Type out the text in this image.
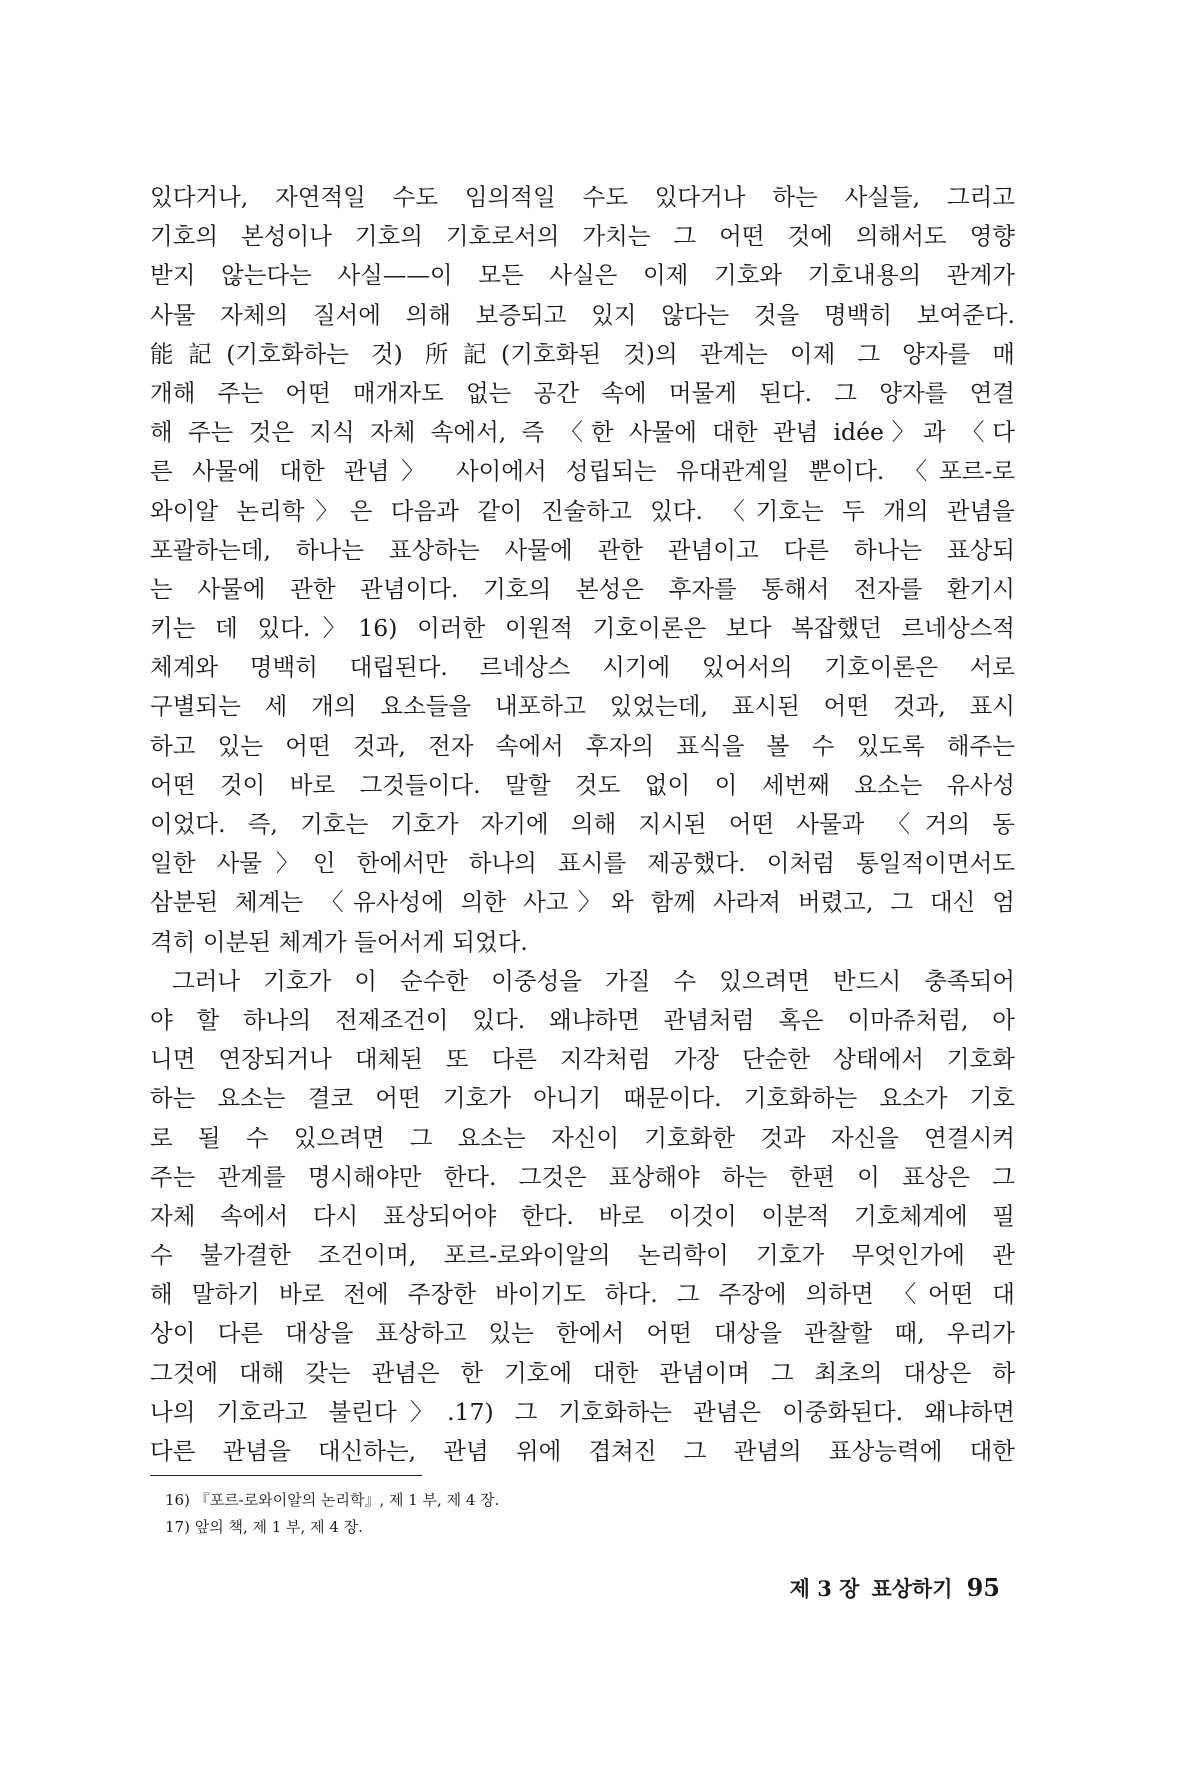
있다거나, 자연적일 수도 임의적일 수도 있다거나 하는 사실들, 그리고
기호의 본성이나 기호의 기호로서의 가치는 그 어떤 것에 의해서도 영향
받지 않는다는 사실——이 모든 사실은 이제 기호와 기호내용의 관계가
사물 자체의 질서에 의해 보증되고 있지 않다는 것을 명백히 보여준다.
能記(기호화하는 것) 所記(기호화된 것)의 관계는 이제 그 양자를 매
개해 주는 어떤 매개자도 없는 공간 속에 머물게 된다. 그 양자를 연결
해 주는 것은 지식 자체 속에서, 즉 〈한 사물에 대한 관념 idée〉과 〈다
른 사물에 대한 관념〉 사이에서 성립되는 유대관계일 뿐이다. 〈포르-로
와이알 논리학〉은 다음과 같이 진술하고 있다. 〈기호는 두 개의 관념을
포괄하는데, 하나는 표상하는 사물에 관한 관념이고 다른 하나는 표상되
는 사물에 관한 관념이다. 기호의 본성은 후자를 통해서 전자를 환기시
키는 데 있다.〉16) 이러한 이원적 기호이론은 보다 복잡했던 르네상스적
체계와 명백히 대립된다. 르네상스 시기에 있어서의 기호이론은 서로
구별되는 세 개의 요소들을 내포하고 있었는데, 표시된 어떤 것과, 표시
하고 있는 어떤 것과, 전자 속에서 후자의 표식을 볼 수 있도록 해주는
어떤 것이 바로 그것들이다. 말할 것도 없이 이 세번째 요소는 유사성
이었다. 즉, 기호는 기호가 자기에 의해 지시된 어떤 사물과 〈거의 동
일한 사물〉인 한에서만 하나의 표시를 제공했다. 이처럼 통일적이면서도
삼분된 체계는 〈유사성에 의한 사고〉와 함께 사라져 버렸고, 그 대신 엄
격히 이분된 체계가 들어서게 되었다.
그러나 기호가 이 순수한 이중성을 가질 수 있으려면 반드시 충족되어
야 할 하나의 전제조건이 있다. 왜냐하면 관념처럼 혹은 이마쥬처럼, 아
니면 연장되거나 대체된 또 다른 지각처럼 가장 단순한 상태에서 기호화
하는 요소는 결코 어떤 기호가 아니기 때문이다. 기호화하는 요소가 기호
로 될 수 있으려면 그 요소는 자신이 기호화한 것과 자신을 연결시켜
주는 관계를 명시해야만 한다. 그것은 표상해야 하는 한편 이 표상은 그
자체 속에서 다시 표상되어야 한다. 바로 이것이 이분적 기호체계에 필
수 불가결한 조건이며, 포르-로와이알의 논리학이 기호가 무엇인가에 관
해 말하기 바로 전에 주장한 바이기도 하다. 그 주장에 의하면 〈어떤 대
상이 다른 대상을 표상하고 있는 한에서 어떤 대상을 관찰할 때, 우리가
그것에 대해 갖는 관념은 한 기호에 대한 관념이며 그 최초의 대상은 하
나의 기호라고 불린다〉.17) 그 기호화하는 관념은 이중화된다. 왜냐하면
다른 관념을 대신하는, 관념 위에 겹쳐진 그 관념의 표상능력에 대한
16) 『포르-로와이알의 논리학』, 제 1 부, 제 4 장.
17) 앞의 책, 제 1 부, 제 4 장.
제 3 장 표상하기 95
